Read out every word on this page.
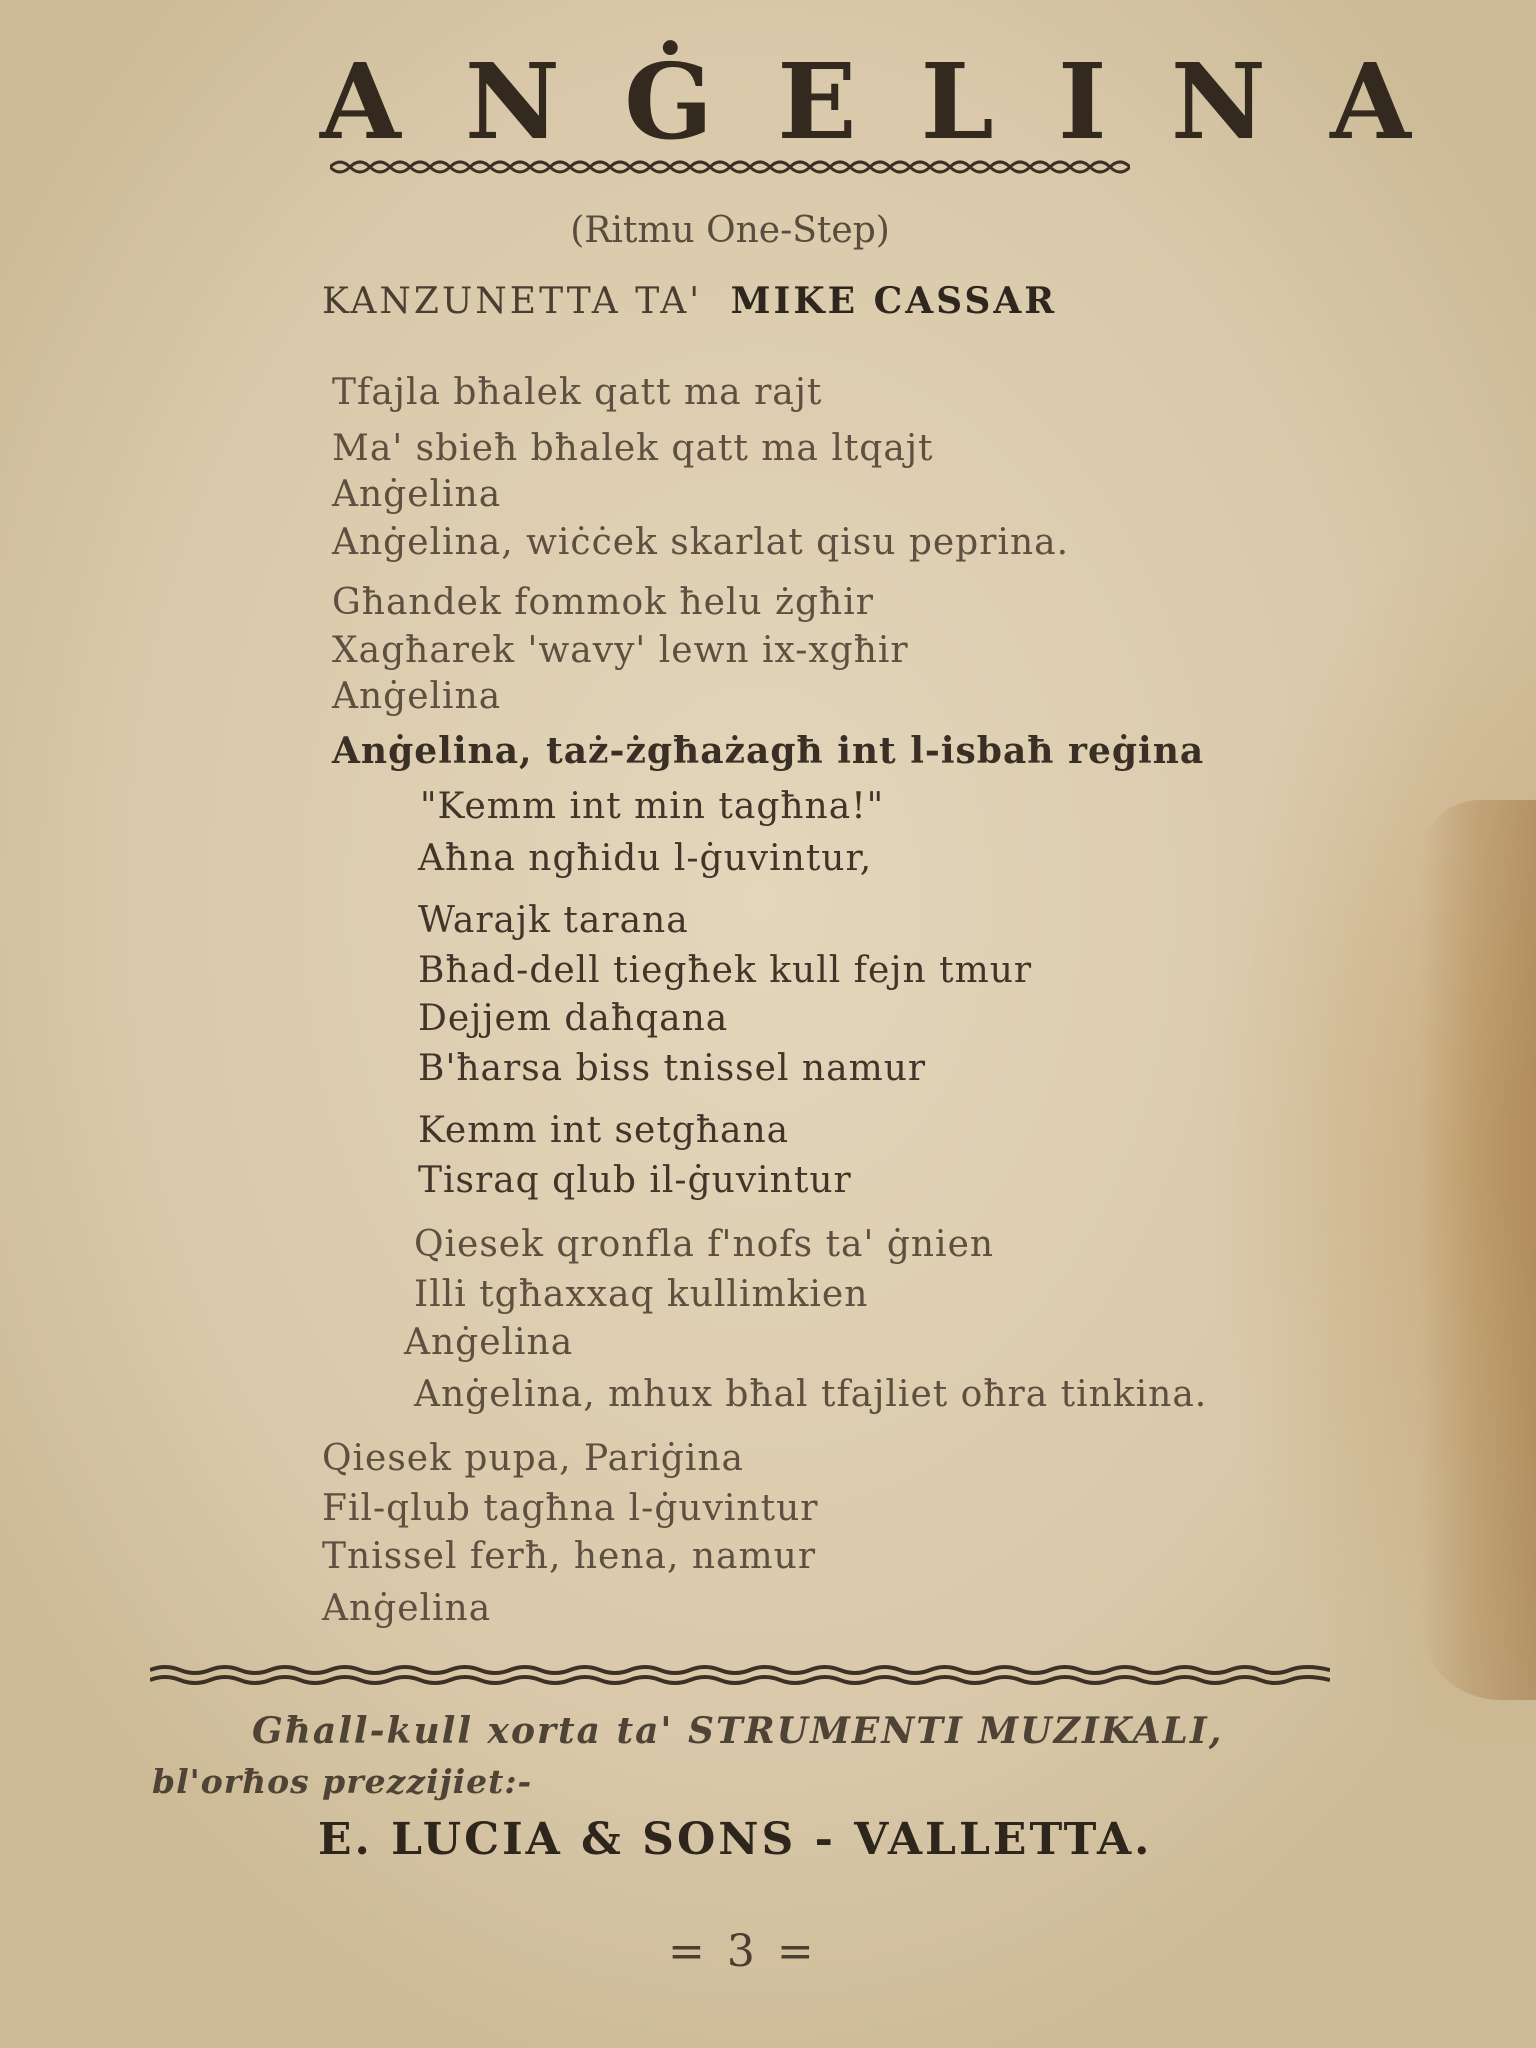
A N Ġ E L I N A
(Ritmu One-Step)
KANZUNETTA TA' MIKE CASSAR
Tfajla bħalek qatt ma rajt
Ma' sbieħ bħalek qatt ma ltqajt
Anġelina
Anġelina, wiċċek skarlat qisu peprina.
Għandek fommok ħelu żgħir
Xagħarek 'wavy' lewn ix-xgħir
Anġelina
Anġelina, taż-żgħażagħ int l-isbaħ reġina
"Kemm int min tagħna!"
Aħna ngħidu l-ġuvintur,
Warajk tarana
Bħad-dell tiegħek kull fejn tmur
Dejjem daħqana
B'ħarsa biss tnissel namur
Kemm int setgħana
Tisraq qlub il-ġuvintur
Qiesek qronfla f'nofs ta' ġnien
Illi tgħaxxaq kullimkien
Anġelina
Anġelina, mhux bħal tfajliet oħra tinkina.
Qiesek pupa, Pariġina
Fil-qlub tagħna l-ġuvintur
Tnissel ferħ, hena, namur
Anġelina
Għall-kull xorta ta' STRUMENTI MUZIKALI,
bl'orħos prezzijiet:-
E. LUCIA & SONS - VALLETTA.
= 3 =
